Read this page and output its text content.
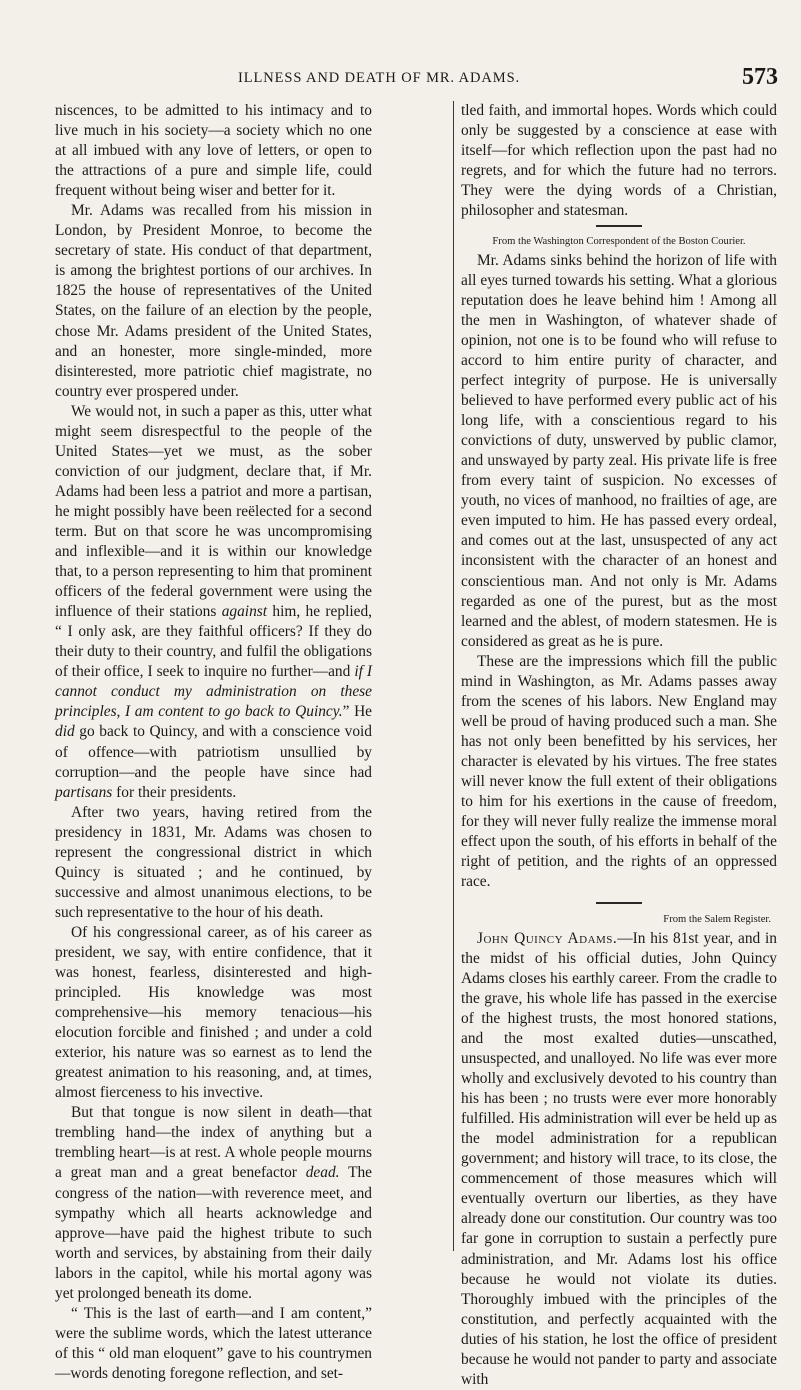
ILLNESS AND DEATH OF MR. ADAMS.	573

niscences, to be admitted to his intimacy and to live much in his society—a society which no one at all imbued with any love of letters, or open to the attractions of a pure and simple life, could frequent without being wiser and better for it.

Mr. Adams was recalled from his mission in London, by President Monroe, to become the secretary of state. His conduct of that department, is among the brightest portions of our archives. In 1825 the house of representatives of the United States, on the failure of an election by the people, chose Mr. Adams president of the United States, and an honester, more single-minded, more disinterested, more patriotic chief magistrate, no country ever prospered under.

We would not, in such a paper as this, utter what might seem disrespectful to the people of the United States—yet we must, as the sober conviction of our judgment, declare that, if Mr. Adams had been less a patriot and more a partisan, he might possibly have been reëlected for a second term. But on that score he was uncompromising and inflexible—and it is within our knowledge that, to a person representing to him that prominent officers of the federal government were using the influence of their stations against him, he replied, “ I only ask, are they faithful officers? If they do their duty to their country, and fulfil the obligations of their office, I seek to inquire no further—and if I cannot conduct my administration on these principles, I am content to go back to Quincy.” He did go back to Quincy, and with a conscience void of offence—with patriotism unsullied by corruption—and the people have since had partisans for their presidents.

After two years, having retired from the presidency in 1831, Mr. Adams was chosen to represent the congressional district in which Quincy is situated ; and he continued, by successive and almost unanimous elections, to be such representative to the hour of his death.

Of his congressional career, as of his career as president, we say, with entire confidence, that it was honest, fearless, disinterested and high-principled. His knowledge was most comprehensive—his memory tenacious—his elocution forcible and finished ; and under a cold exterior, his nature was so earnest as to lend the greatest animation to his reasoning, and, at times, almost fierceness to his invective.

But that tongue is now silent in death—that trembling hand—the index of anything but a trembling heart—is at rest. A whole people mourns a great man and a great benefactor dead. The congress of the nation—with reverence meet, and sympathy which all hearts acknowledge and approve—have paid the highest tribute to such worth and services, by abstaining from their daily labors in the capitol, while his mortal agony was yet prolonged beneath its dome.

“ This is the last of earth—and I am content,” were the sublime words, which the latest utterance of this “ old man eloquent” gave to his countrymen—words denoting foregone reflection, and set-

tled faith, and immortal hopes. Words which could only be suggested by a conscience at ease with itself—for which reflection upon the past had no regrets, and for which the future had no terrors. They were the dying words of a Christian, philosopher and statesman.

From the Washington Correspondent of the Boston Courier.

Mr. Adams sinks behind the horizon of life with all eyes turned towards his setting. What a glorious reputation does he leave behind him ! Among all the men in Washington, of whatever shade of opinion, not one is to be found who will refuse to accord to him entire purity of character, and perfect integrity of purpose. He is universally believed to have performed every public act of his long life, with a conscientious regard to his convictions of duty, unswerved by public clamor, and unswayed by party zeal. His private life is free from every taint of suspicion. No excesses of youth, no vices of manhood, no frailties of age, are even imputed to him. He has passed every ordeal, and comes out at the last, unsuspected of any act inconsistent with the character of an honest and conscientious man. And not only is Mr. Adams regarded as one of the purest, but as the most learned and the ablest, of modern statesmen. He is considered as great as he is pure.

These are the impressions which fill the public mind in Washington, as Mr. Adams passes away from the scenes of his labors. New England may well be proud of having produced such a man. She has not only been benefitted by his services, her character is elevated by his virtues. The free states will never know the full extent of their obligations to him for his exertions in the cause of freedom, for they will never fully realize the immense moral effect upon the south, of his efforts in behalf of the right of petition, and the rights of an oppressed race.

From the Salem Register.

John Quincy Adams.—In his 81st year, and in the midst of his official duties, John Quincy Adams closes his earthly career. From the cradle to the grave, his whole life has passed in the exercise of the highest trusts, the most honored stations, and the most exalted duties—unscathed, unsuspected, and unalloyed. No life was ever more wholly and exclusively devoted to his country than his has been ; no trusts were ever more honorably fulfilled. His administration will ever be held up as the model administration for a republican government; and history will trace, to its close, the commencement of those measures which will eventually overturn our liberties, as they have already done our constitution. Our country was too far gone in corruption to sustain a perfectly pure administration, and Mr. Adams lost his office because he would not violate its duties. Thoroughly imbued with the principles of the constitution, and perfectly acquainted with the duties of his station, he lost the office of president because he would not pander to party and associate with
